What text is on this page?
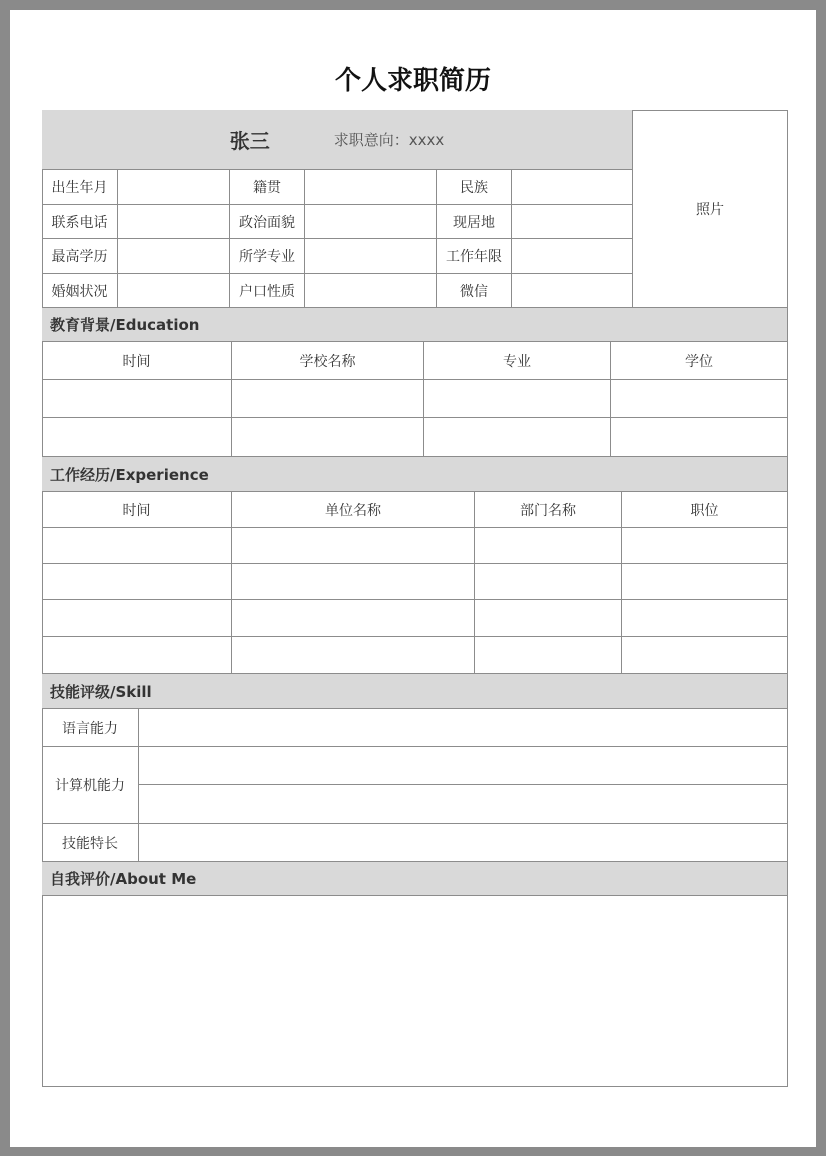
个人求职简历
张三	求职意向：xxxx
照片
出生年月	籍贯	民族
联系电话	政治面貌	现居地
最高学历	所学专业	工作年限
婚姻状况	户口性质	微信
教育背景/Education
时间	学校名称	专业	学位
工作经历/Experience
时间	单位名称	部门名称	职位
技能评级/Skill
语言能力
计算机能力
技能特长
自我评价/About Me
